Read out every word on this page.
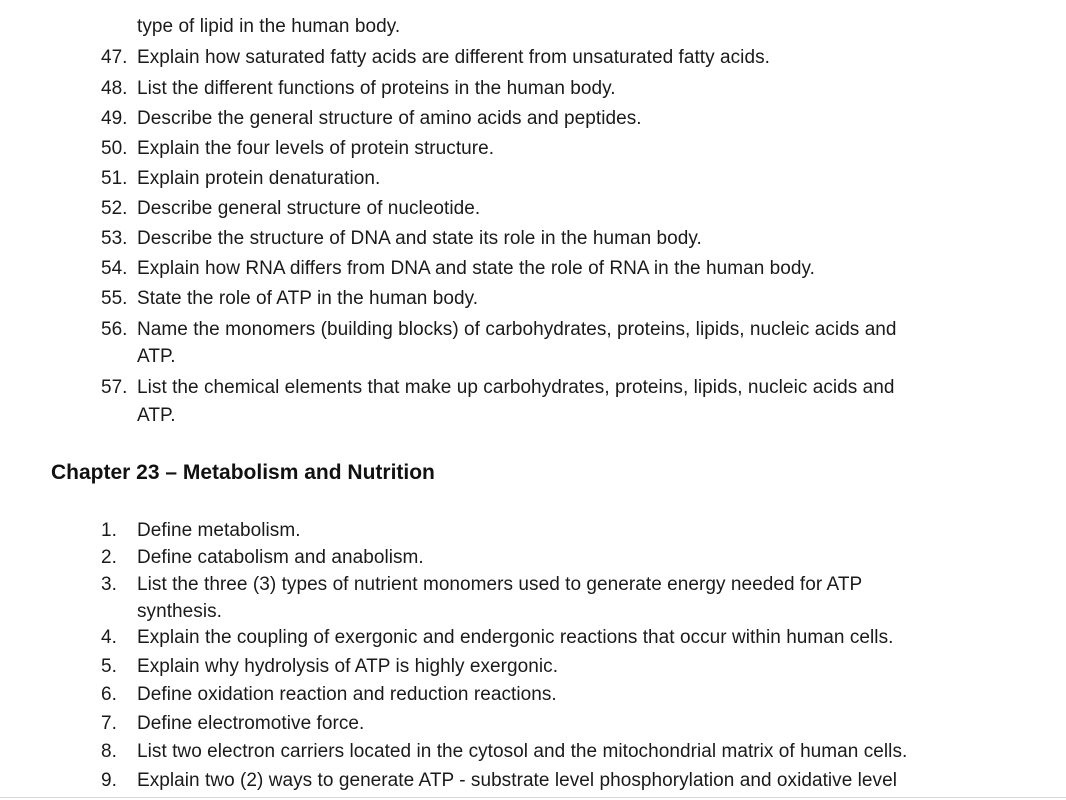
type of lipid in the human body.
47. Explain how saturated fatty acids are different from unsaturated fatty acids.
48. List the different functions of proteins in the human body.
49. Describe the general structure of amino acids and peptides.
50. Explain the four levels of protein structure.
51. Explain protein denaturation.
52. Describe general structure of nucleotide.
53. Describe the structure of DNA and state its role in the human body.
54. Explain how RNA differs from DNA and state the role of RNA in the human body.
55. State the role of ATP in the human body.
56. Name the monomers (building blocks) of carbohydrates, proteins, lipids, nucleic acids and
ATP.
57. List the chemical elements that make up carbohydrates, proteins, lipids, nucleic acids and
ATP.
Chapter 23 – Metabolism and Nutrition
1. Define metabolism.
2. Define catabolism and anabolism.
3. List the three (3) types of nutrient monomers used to generate energy needed for ATP
synthesis.
4. Explain the coupling of exergonic and endergonic reactions that occur within human cells.
5. Explain why hydrolysis of ATP is highly exergonic.
6. Define oxidation reaction and reduction reactions.
7. Define electromotive force.
8. List two electron carriers located in the cytosol and the mitochondrial matrix of human cells.
9. Explain two (2) ways to generate ATP - substrate level phosphorylation and oxidative level
